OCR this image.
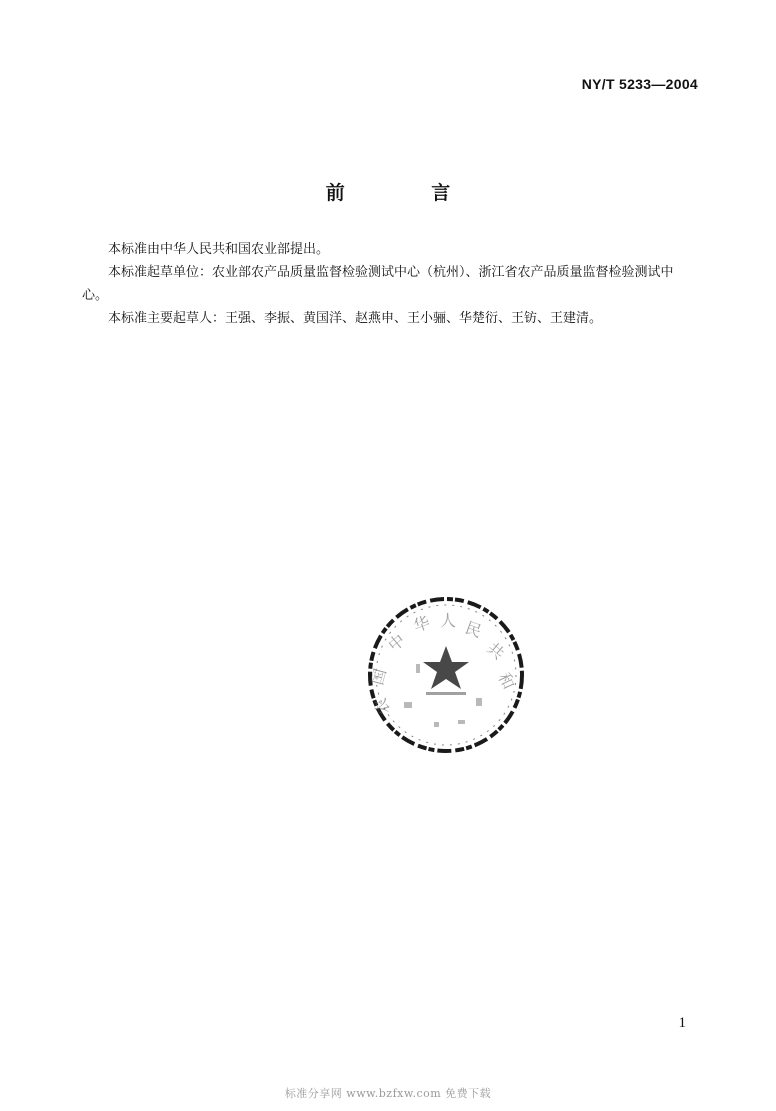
NY/T 5233—2004
前 言

本标准由中华人民共和国农业部提出。

本标准起草单位：农业部农产品质量监督检验测试中心（杭州）、浙江省农产品质量监督检验测试中

心。

本标准主要起草人：王强、李振、黄国洋、赵燕申、王小骊、华楚衍、王钫、王建清。

中
华 人 民
共
和
国
农
1
标准分享网 www.bzfxw.com 免费下载
